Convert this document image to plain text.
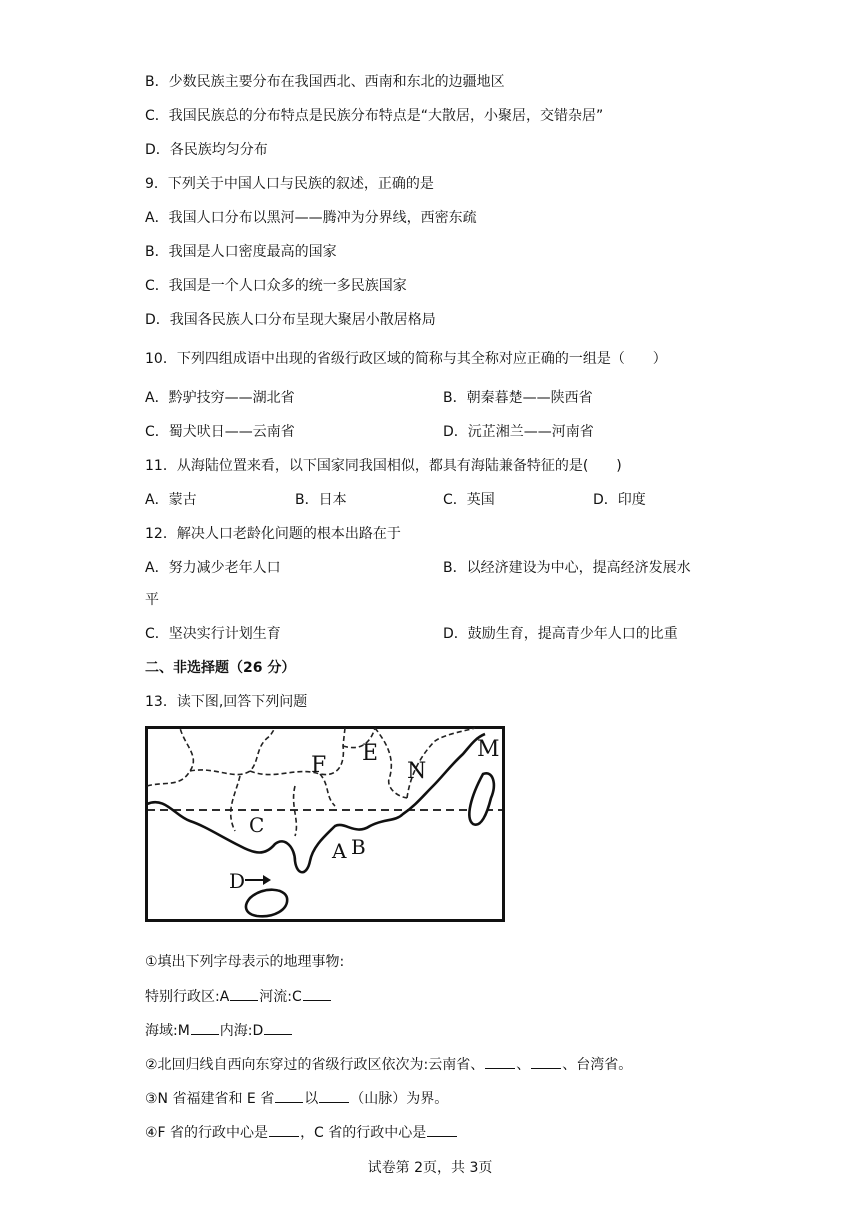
B．少数民族主要分布在我国西北、西南和东北的边疆地区
C．我国民族总的分布特点是民族分布特点是“大散居，小聚居，交错杂居”
D．各民族均匀分布
9．下列关于中国人口与民族的叙述，正确的是
A．我国人口分布以黑河——腾冲为分界线，西密东疏
B．我国是人口密度最高的国家
C．我国是一个人口众多的统一多民族国家
D．我国各民族人口分布呈现大聚居小散居格局
10．下列四组成语中出现的省级行政区域的简称与其全称对应正确的一组是（　　）
A．黔驴技穷——湖北省	B．朝秦暮楚——陕西省
C．蜀犬吠日——云南省	D．沅芷湘兰——河南省
11．从海陆位置来看，以下国家同我国相似，都具有海陆兼备特征的是(　　)
A．蒙古	B．日本	C．英国	D．印度
12．解决人口老龄化问题的根本出路在于
A．努力减少老年人口	B．以经济建设为中心，提高经济发展水
平
C．坚决实行计划生育	D．鼓励生育，提高青少年人口的比重
二、非选择题（26 分）
13．读下图,回答下列问题
F E
N
M
C
A B
D
①填出下列字母表示的地理事物:
特别行政区:A 河流:C
海域:M 内海:D
②北回归线自西向东穿过的省级行政区依次为:云南省、 、 、台湾省。
③N 省福建省和 E 省 以 （山脉）为界。
④F 省的行政中心是 ，C 省的行政中心是
试卷第 2页，共 3页
